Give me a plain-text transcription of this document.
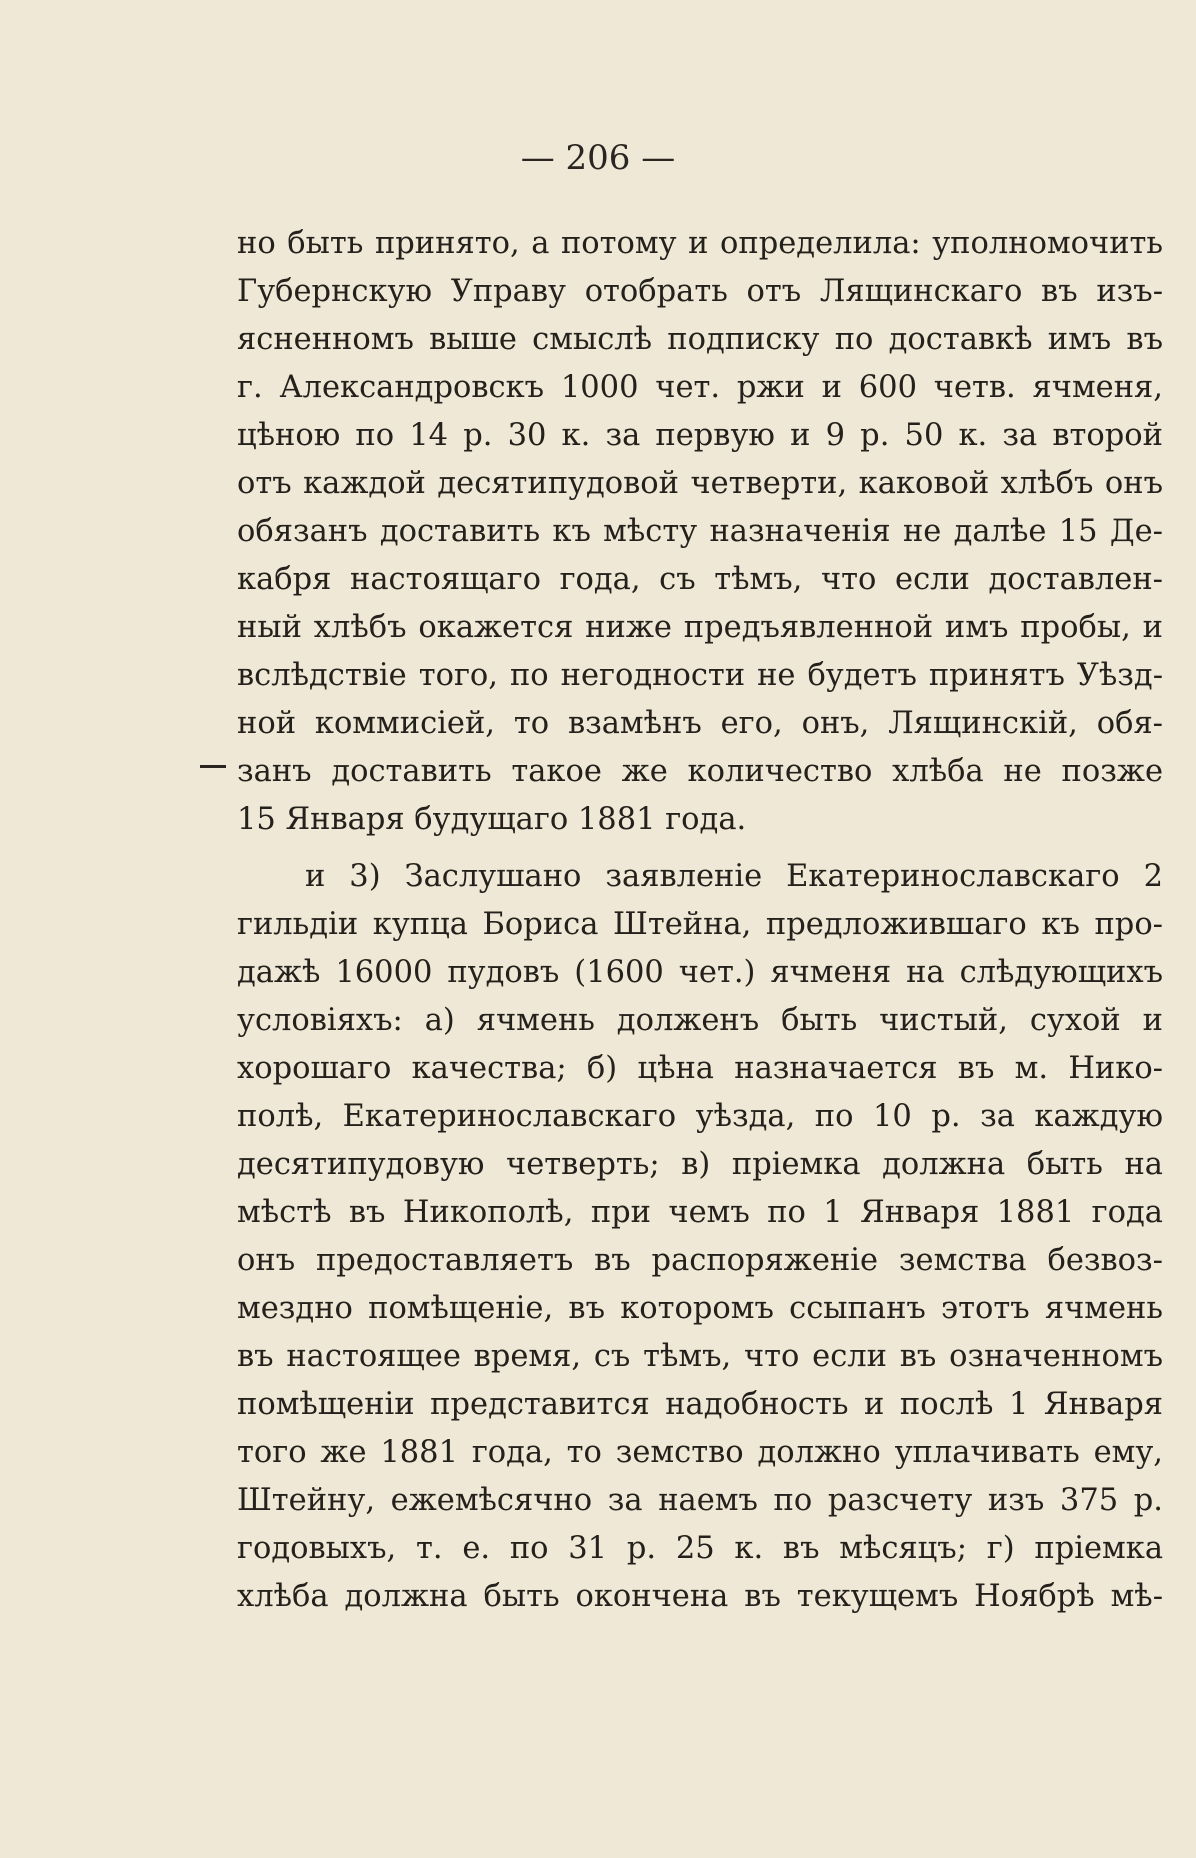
— 206 —
но быть принято, а потому и определила: уполномочить
Губернскую Управу отобрать отъ Лящинскаго въ изъ-
ясненномъ выше смыслѣ подписку по доставкѣ имъ въ
г. Александровскъ 1000 чет. ржи и 600 четв. ячменя,
цѣною по 14 р. 30 к. за первую и 9 р. 50 к. за второй
отъ каждой десятипудовой четверти, каковой хлѣбъ онъ
обязанъ доставить къ мѣсту назначенія не далѣе 15 Де-
кабря настоящаго года, съ тѣмъ, что если доставлен-
ный хлѣбъ окажется ниже предъявленной имъ пробы, и
вслѣдствіе того, по негодности не будетъ принятъ Уѣзд-
ной коммисіей, то взамѣнъ его, онъ, Лящинскій, обя-
занъ доставить такое же количество хлѣба не позже
15 Января будущаго 1881 года.
и 3) Заслушано заявленіе Екатеринославскаго 2
гильдіи купца Бориса Штейна, предложившаго къ про-
дажѣ 16000 пудовъ (1600 чет.) ячменя на слѣдующихъ
условіяхъ: а) ячмень долженъ быть чистый, сухой и
хорошаго качества; б) цѣна назначается въ м. Нико-
полѣ, Екатеринославскаго уѣзда, по 10 р. за каждую
десятипудовую четверть; в) пріемка должна быть на
мѣстѣ въ Никополѣ, при чемъ по 1 Января 1881 года
онъ предоставляетъ въ распоряженіе земства безвоз-
мездно помѣщеніе, въ которомъ ссыпанъ этотъ ячмень
въ настоящее время, съ тѣмъ, что если въ означенномъ
помѣщеніи представится надобность и послѣ 1 Января
того же 1881 года, то земство должно уплачивать ему,
Штейну, ежемѣсячно за наемъ по разсчету изъ 375 р.
годовыхъ, т. е. по 31 р. 25 к. въ мѣсяцъ; г) пріемка
хлѣба должна быть окончена въ текущемъ Ноябрѣ мѣ-
